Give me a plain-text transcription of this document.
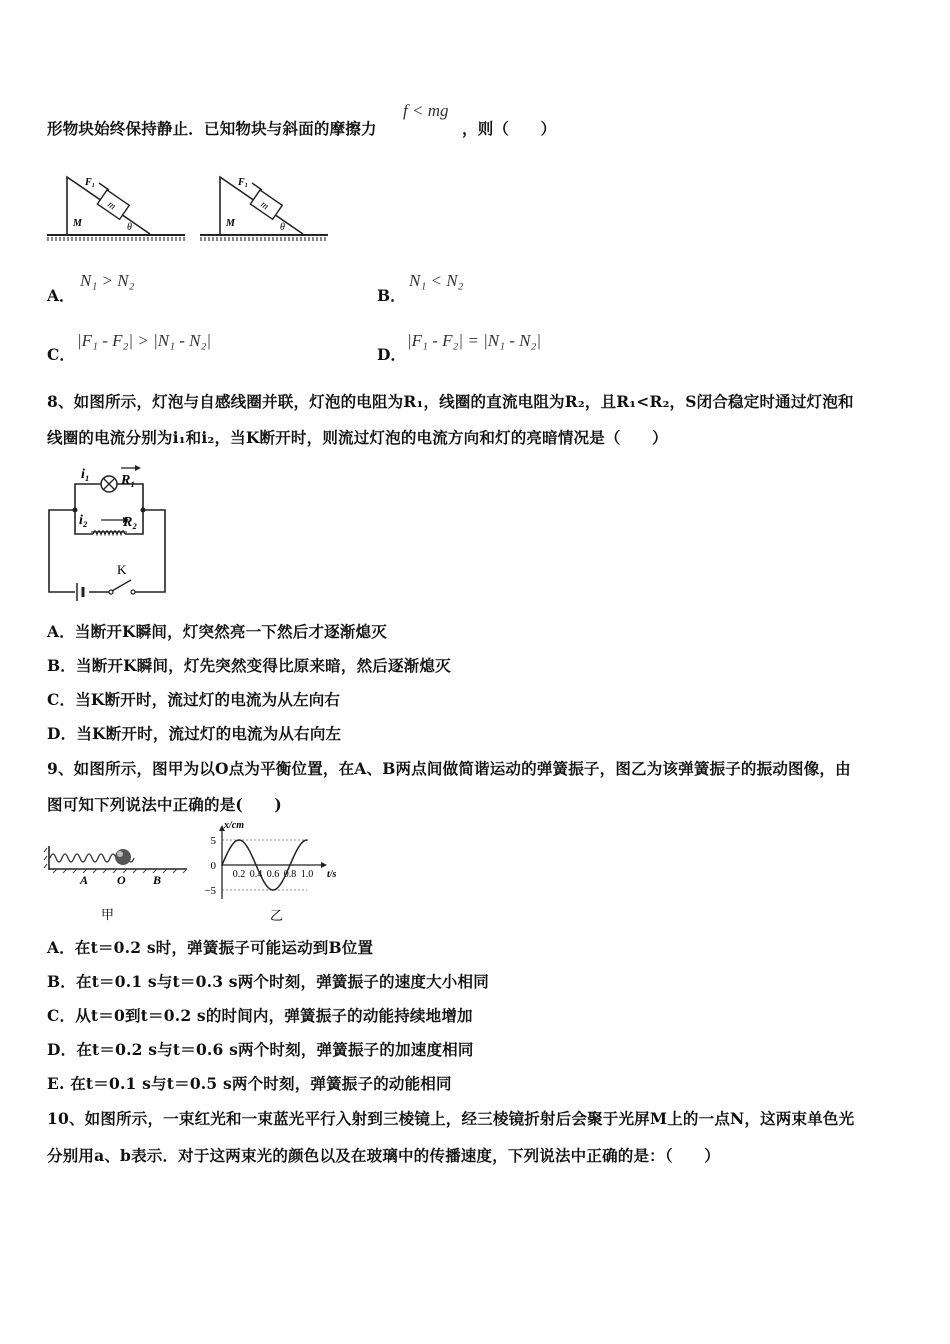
形物块始终保持静止．已知物块与斜面的摩擦力
f < mg
，则（　　）
m
F₁
M	θ
m
F₁
M	θ
A．
N₁ > N₂
B．
N₁ < N₂
C．
|F₁ - F₂| > |N₁ - N₂|
D．
|F₁ - F₂| = |N₁ - N₂|
8、如图所示，灯泡与自感线圈并联，灯泡的电阻为R₁，线圈的直流电阻为R₂，且R₁<R₂，S闭合稳定时通过灯泡和
线圈的电流分别为i₁和i₂，当K断开时，则流过灯泡的电流方向和灯的亮暗情况是（　　）
i₁ R₁
i₂	R₂
K
A．当断开K瞬间，灯突然亮一下然后才逐渐熄灭
B．当断开K瞬间，灯先突然变得比原来暗，然后逐渐熄灭
C．当K断开时，流过灯的电流为从左向右
D．当K断开时，流过灯的电流为从右向左
9、如图所示，图甲为以O点为平衡位置，在A、B两点间做简谐运动的弹簧振子，图乙为该弹簧振子的振动图像，由
图可知下列说法中正确的是(　　)
A O B
甲	乙
x/cm
t/s
5
0
−5
0.2 0.4 0.6 0.8 1.0
A．在t＝0.2 s时，弹簧振子可能运动到B位置
B．在t＝0.1 s与t＝0.3 s两个时刻，弹簧振子的速度大小相同
C．从t＝0到t＝0.2 s的时间内，弹簧振子的动能持续地增加
D．在t＝0.2 s与t＝0.6 s两个时刻，弹簧振子的加速度相同
E. 在t＝0.1 s与t＝0.5 s两个时刻，弹簧振子的动能相同
10、如图所示，一束红光和一束蓝光平行入射到三棱镜上，经三棱镜折射后会聚于光屏M上的一点N，这两束单色光
分别用a、b表示．对于这两束光的颜色以及在玻璃中的传播速度，下列说法中正确的是：（　　）
